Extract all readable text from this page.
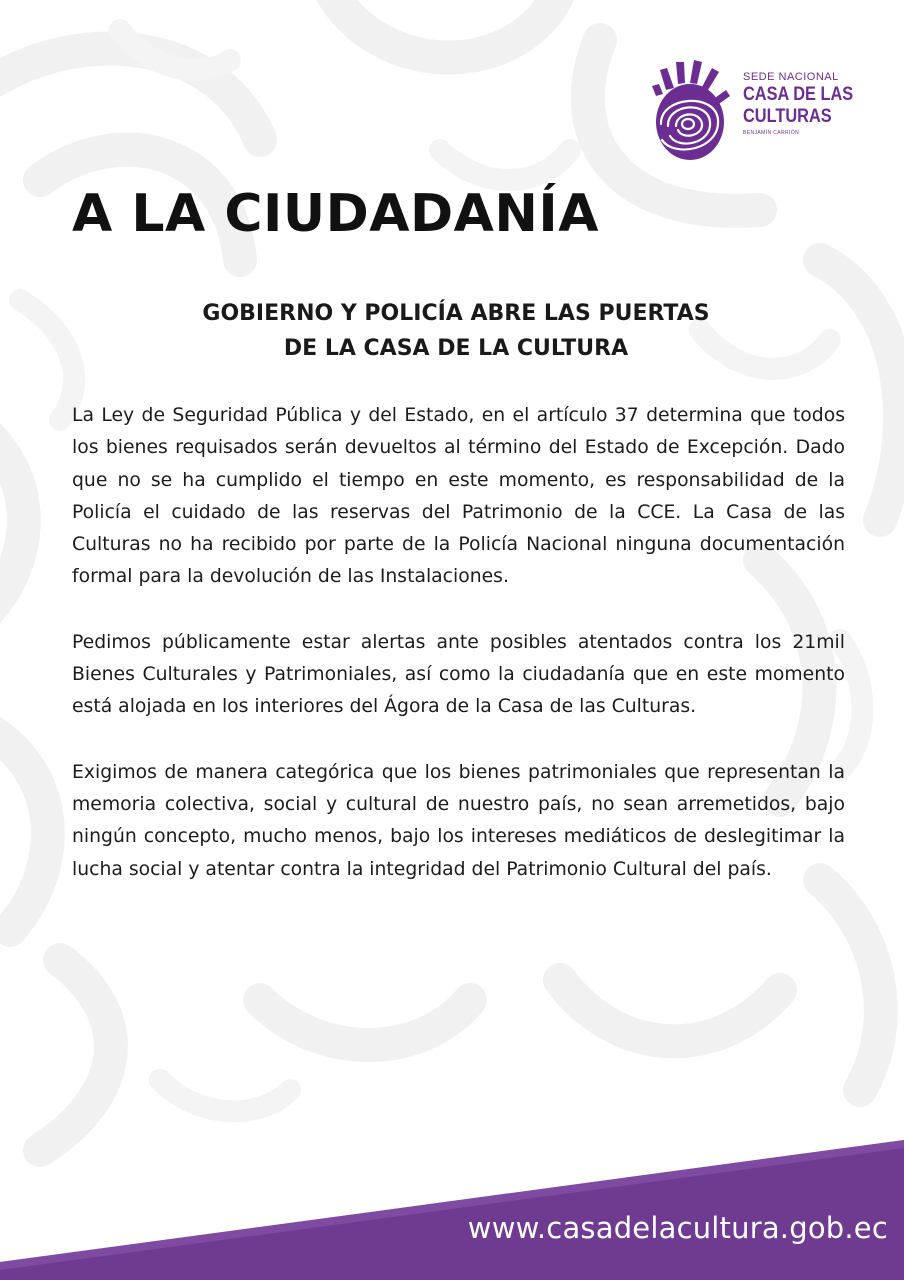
SEDE NACIONAL
CASA DE LAS
CULTURAS
BENJAMÍN CARRIÓN
A LA CIUDADANÍA
GOBIERNO Y POLICÍA ABRE LAS PUERTAS
DE LA CASA DE LA CULTURA

La Ley de Seguridad Pública y del Estado, en el artículo 37 determina que todos los bienes requisados serán devueltos al término del Estado de Excepción. Dado que no se ha cumplido el tiempo en este momento, es responsabilidad de la Policía el cuidado de las reservas del Patrimonio de la CCE. La Casa de las Culturas no ha recibido por parte de la Policía Nacional ninguna documentación formal para la devolución de las Instalaciones.

Pedimos públicamente estar alertas ante posibles atentados contra los 21mil Bienes Culturales y Patrimoniales, así como la ciudadanía que en este momento está alojada en los interiores del Ágora de la Casa de las Culturas.

Exigimos de manera categórica que los bienes patrimoniales que representan la memoria colectiva, social y cultural de nuestro país, no sean arremetidos, bajo ningún concepto, mucho menos, bajo los intereses mediáticos de deslegitimar la lucha social y atentar contra la integridad del Patrimonio Cultural del país.

www.casadelacultura.gob.ec
